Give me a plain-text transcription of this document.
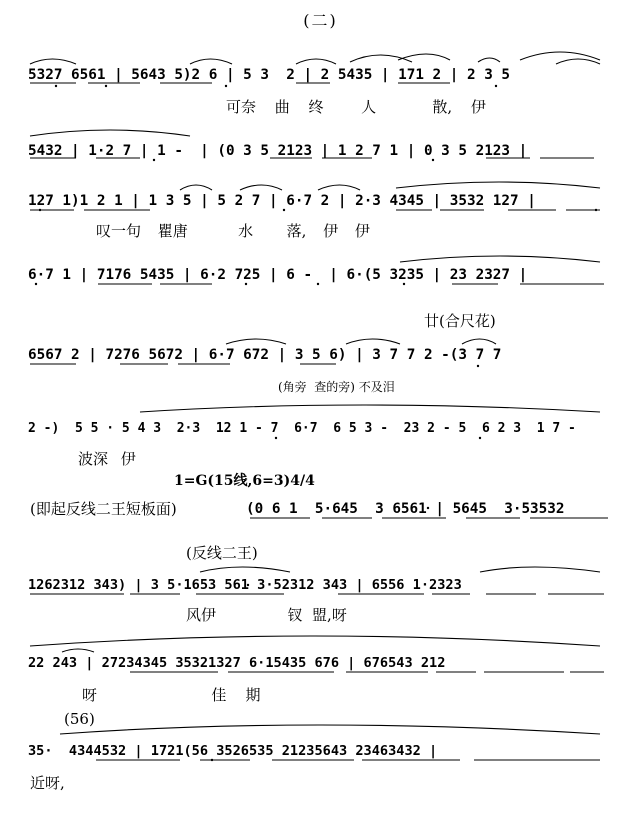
(二)
5327 6561 | 5643 5)2 6 | 5 3  2 | 2 5435 | 171 2 | 2 3 5
可奈 曲 终  人   散, 伊
5432 | 1·2 7 | 1 -  | (0 3 5 2123 | 1 2 7 1 | 0 3 5 2123 |
127 1)1 2 1 | 1 3 5 | 5 2 7 | 6·7 2 | 2·3 4345 | 3532 127 |
叹一句 瞿唐   水  落, 伊 伊
6·7 1 | 7176 5435 | 6·2 725 | 6 -  | 6·(5 3235 | 23 2327 |
廿(合尺花)
6567 2 | 7276 5672 | 6·7 672 | 3 5 6) | 3 7 7 2 -(3 7 7
(角旁  查的旁) 不及泪
2 -)  5 5 · 5 4 3  2·3  12 1 - 7  6·7  6 5 3 -  23 2 - 5  6 2 3  1 7 -
波深 伊
1=G(15线,6=3)4/4
(即起反线二王短板面)	(0 6 1  5·645  3 6561 | 5645  3·53532
(反线二王)
1262312 343) | 3 5·1653 561 3·52312 343 | 6556 1·2323
风伊               钗  盟,呀
22 243 | 27234345 35321327 6·15435 676 | 676543 212
呀                        佳    期
(56)
35·  4344532 | 1721(56 3526535 21235643 23463432 |
近呀,
